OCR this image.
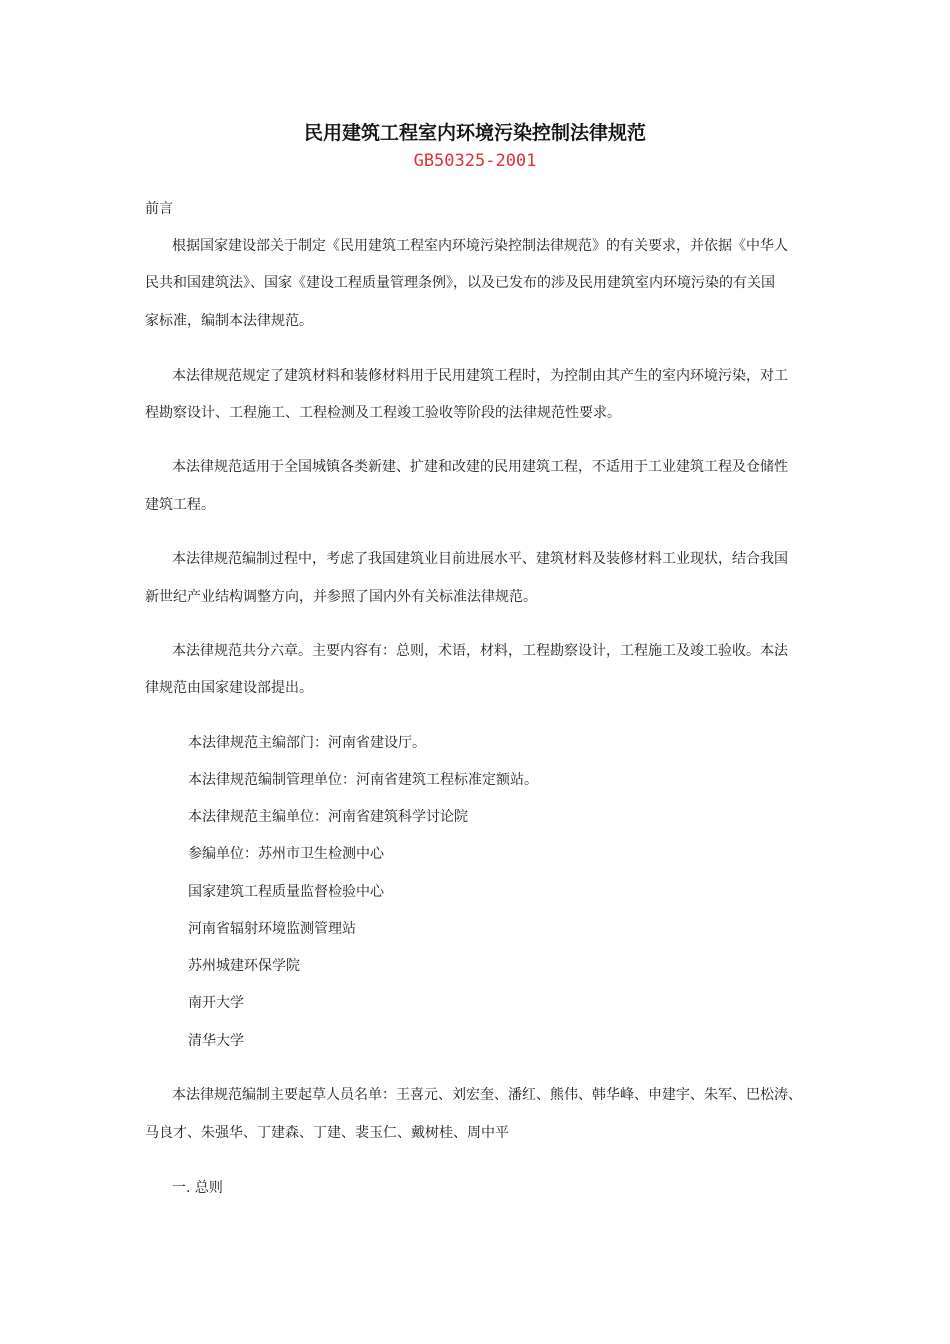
民用建筑工程室内环境污染控制法律规范
GB50325-2001
前言
根据国家建设部关于制定《民用建筑工程室内环境污染控制法律规范》的有关要求，并依据《中华人
民共和国建筑法》、国家《建设工程质量管理条例》，以及已发布的涉及民用建筑室内环境污染的有关国
家标准，编制本法律规范。
本法律规范规定了建筑材料和装修材料用于民用建筑工程时，为控制由其产生的室内环境污染，对工
程勘察设计、工程施工、工程检测及工程竣工验收等阶段的法律规范性要求。
本法律规范适用于全国城镇各类新建、扩建和改建的民用建筑工程，不适用于工业建筑工程及仓储性
建筑工程。
本法律规范编制过程中，考虑了我国建筑业目前进展水平、建筑材料及装修材料工业现状，结合我国
新世纪产业结构调整方向，并参照了国内外有关标准法律规范。
本法律规范共分六章。主要内容有：总则，术语，材料，工程勘察设计，工程施工及竣工验收。本法
律规范由国家建设部提出。
本法律规范主编部门：河南省建设厅。
本法律规范编制管理单位：河南省建筑工程标准定额站。
本法律规范主编单位：河南省建筑科学讨论院
参编单位：苏州市卫生检测中心
国家建筑工程质量监督检验中心
河南省辐射环境监测管理站
苏州城建环保学院
南开大学
清华大学
本法律规范编制主要起草人员名单：王喜元、刘宏奎、潘红、熊伟、韩华峰、申建宇、朱军、巴松涛、
马良才、朱强华、丁建森、丁建、裴玉仁、戴树桂、周中平
一. 总则
